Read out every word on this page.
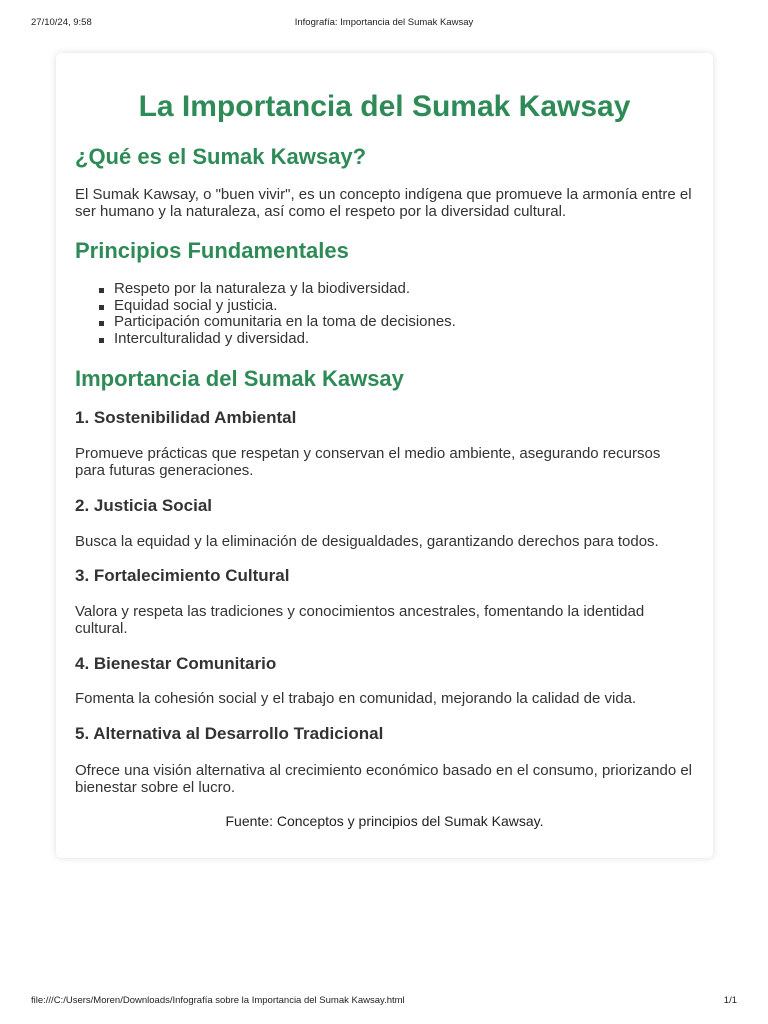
27/10/24, 9:58	Infografía: Importancia del Sumak Kawsay
La Importancia del Sumak Kawsay
¿Qué es el Sumak Kawsay?

El Sumak Kawsay, o "buen vivir", es un concepto indígena que promueve la armonía entre el ser humano y la naturaleza, así como el respeto por la diversidad cultural.

Principios Fundamentales
Respeto por la naturaleza y la biodiversidad.
Equidad social y justicia.
Participación comunitaria en la toma de decisiones.
Interculturalidad y diversidad.
Importancia del Sumak Kawsay
1. Sostenibilidad Ambiental

Promueve prácticas que respetan y conservan el medio ambiente, asegurando recursos para futuras generaciones.

2. Justicia Social

Busca la equidad y la eliminación de desigualdades, garantizando derechos para todos.

3. Fortalecimiento Cultural

Valora y respeta las tradiciones y conocimientos ancestrales, fomentando la identidad cultural.

4. Bienestar Comunitario

Fomenta la cohesión social y el trabajo en comunidad, mejorando la calidad de vida.

5. Alternativa al Desarrollo Tradicional

Ofrece una visión alternativa al crecimiento económico basado en el consumo, priorizando el bienestar sobre el lucro.

Fuente: Conceptos y principios del Sumak Kawsay.

file:///C:/Users/Moren/Downloads/Infografía sobre la Importancia del Sumak Kawsay.html	1/1
